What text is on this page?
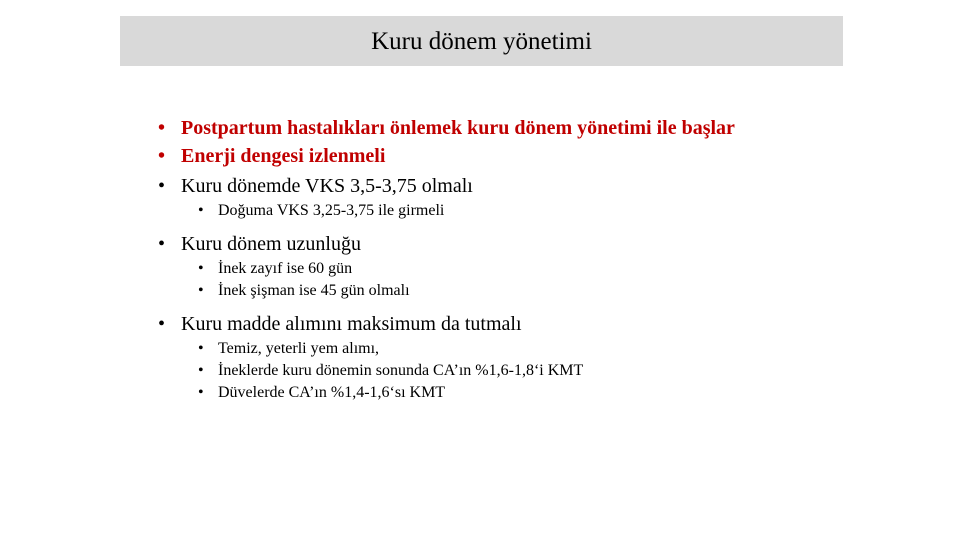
Kuru dönem yönetimi
• Postpartum hastalıkları önlemek kuru dönem yönetimi ile başlar
• Enerji dengesi izlenmeli
• Kuru dönemde VKS 3,5-3,75 olmalı
• Doğuma VKS 3,25-3,75 ile girmeli
• Kuru dönem uzunluğu
• İnek zayıf ise 60 gün
• İnek şişman ise 45 gün olmalı
• Kuru madde alımını maksimum da tutmalı
• Temiz, yeterli yem alımı,
• İneklerde kuru dönemin sonunda CA’ın %1,6-1,8‘i KMT
• Düvelerde CA’ın %1,4-1,6‘sı KMT
